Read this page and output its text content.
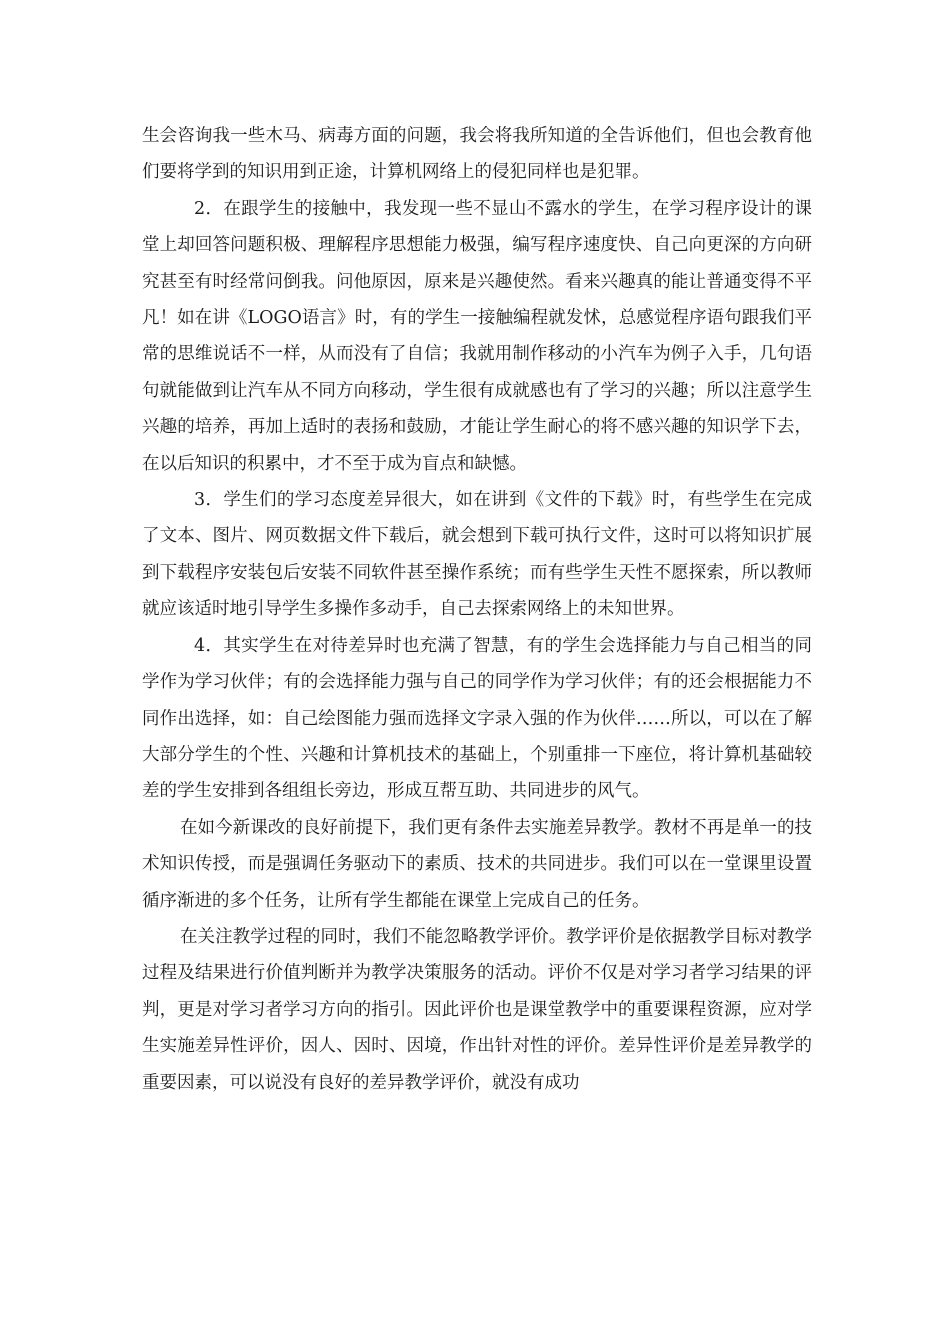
生会咨询我一些木马、病毒方面的问题，我会将我所知道的全告诉他们，但也会教育他们要将学到的知识用到正途，计算机网络上的侵犯同样也是犯罪。

2．在跟学生的接触中，我发现一些不显山不露水的学生，在学习程序设计的课堂上却回答问题积极、理解程序思想能力极强，编写程序速度快、自己向更深的方向研究甚至有时经常问倒我。问他原因，原来是兴趣使然。看来兴趣真的能让普通变得不平凡！如在讲《LOGO语言》时，有的学生一接触编程就发怵，总感觉程序语句跟我们平常的思维说话不一样，从而没有了自信；我就用制作移动的小汽车为例子入手，几句语句就能做到让汽车从不同方向移动，学生很有成就感也有了学习的兴趣；所以注意学生兴趣的培养，再加上适时的表扬和鼓励，才能让学生耐心的将不感兴趣的知识学下去，在以后知识的积累中，才不至于成为盲点和缺憾。

3．学生们的学习态度差异很大，如在讲到《文件的下载》时，有些学生在完成了文本、图片、网页数据文件下载后，就会想到下载可执行文件，这时可以将知识扩展到下载程序安装包后安装不同软件甚至操作系统；而有些学生天性不愿探索，所以教师就应该适时地引导学生多操作多动手，自己去探索网络上的未知世界。

4．其实学生在对待差异时也充满了智慧，有的学生会选择能力与自己相当的同学作为学习伙伴；有的会选择能力强与自己的同学作为学习伙伴；有的还会根据能力不同作出选择，如：自己绘图能力强而选择文字录入强的作为伙伴……所以，可以在了解大部分学生的个性、兴趣和计算机技术的基础上，个别重排一下座位，将计算机基础较差的学生安排到各组组长旁边，形成互帮互助、共同进步的风气。

在如今新课改的良好前提下，我们更有条件去实施差异教学。教材不再是单一的技术知识传授，而是强调任务驱动下的素质、技术的共同进步。我们可以在一堂课里设置循序渐进的多个任务，让所有学生都能在课堂上完成自己的任务。

在关注教学过程的同时，我们不能忽略教学评价。教学评价是依据教学目标对教学过程及结果进行价值判断并为教学决策服务的活动。评价不仅是对学习者学习结果的评判，更是对学习者学习方向的指引。因此评价也是课堂教学中的重要课程资源，应对学生实施差异性评价，因人、因时、因境，作出针对性的评价。差异性评价是差异教学的重要因素，可以说没有良好的差异教学评价，就没有成功
